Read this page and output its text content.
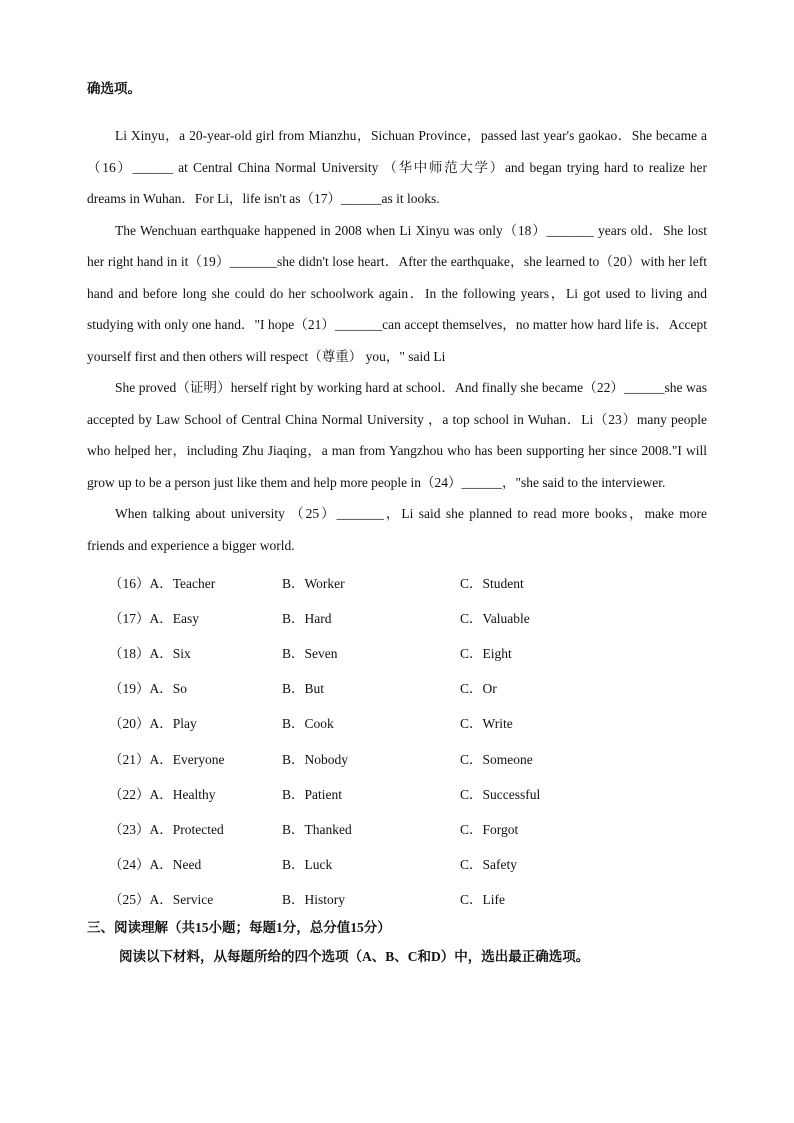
确选项。

Li Xinyu，a 20-year-old girl from Mianzhu，Sichuan Province，passed last year's gaokao．She became a（16）______ at Central China Normal University （华中师范大学）and began trying hard to realize her dreams in Wuhan．For Li，life isn't as（17）______as it looks.

The Wenchuan earthquake happened in 2008 when Li Xinyu was only（18）_______ years old．She lost her right hand in it（19）_______she didn't lose heart．After the earthquake，she learned to（20）with her left hand and before long she could do her schoolwork again．In the following years，Li got used to living and studying with only one hand．"I hope（21）_______can accept themselves，no matter how hard life is．Accept yourself first and then others will respect（尊重） you，" said Li

She proved（证明）herself right by working hard at school．And finally she became（22）______she was accepted by Law School of Central China Normal University ，a top school in Wuhan．Li（23）many people who helped her，including Zhu Jiaqing，a man from Yangzhou who has been supporting her since 2008."I will grow up to be a person just like them and help more people in（24）______，"she said to the interviewer.

When talking about university （25）_______，Li said she planned to read more books，make more friends and experience a bigger world.

（16）A．Teacher	B．Worker	C．Student
（17）A．Easy	B．Hard	C．Valuable
（18）A．Six	B．Seven	C．Eight
（19）A．So	B．But	C．Or
（20）A．Play	B．Cook	C．Write
（21）A．Everyone	B．Nobody	C．Someone
（22）A．Healthy	B．Patient	C．Successful
（23）A．Protected	B．Thanked	C．Forgot
（24）A．Need	B．Luck	C．Safety
（25）A．Service	B．History	C．Life
三、阅读理解（共15小题；每题1分，总分值15分）
阅读以下材料，从每题所给的四个选项（A、B、C和D）中，选出最正确选项。
